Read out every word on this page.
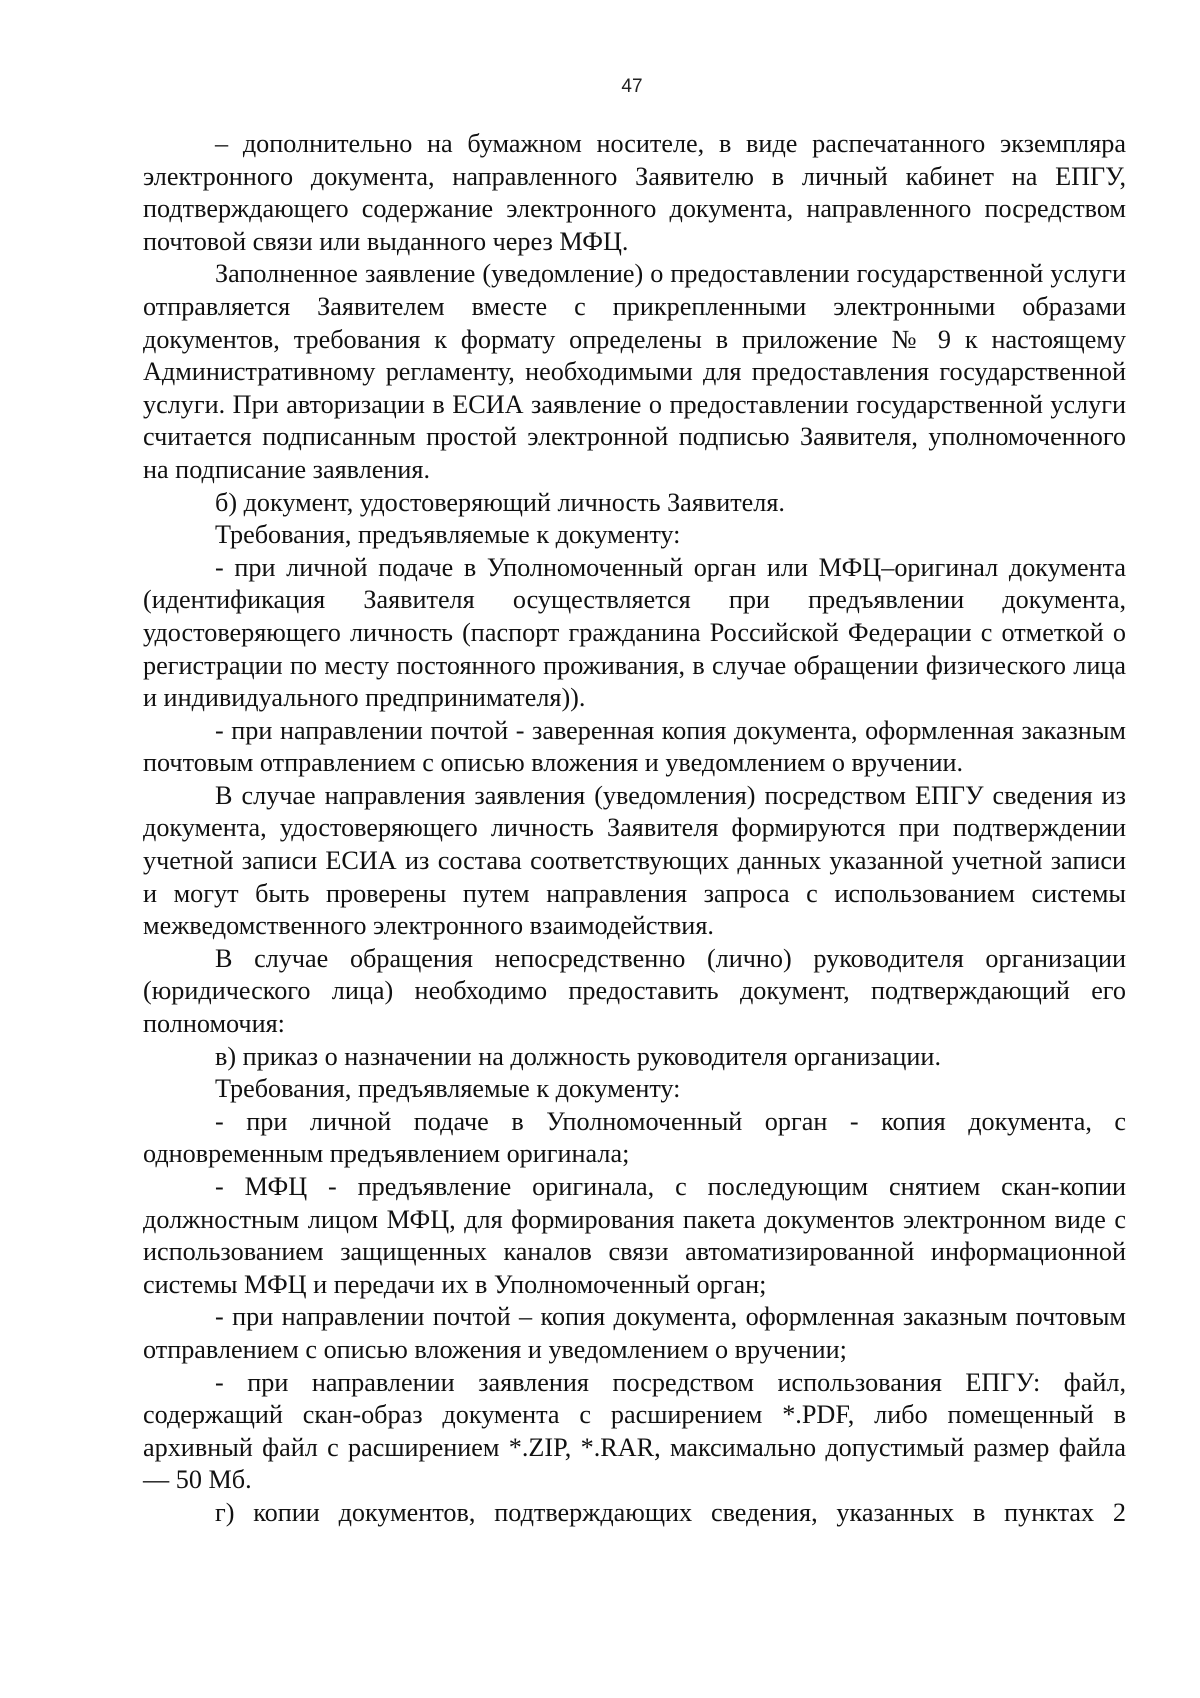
47

– дополнительно на бумажном носителе, в виде распечатанного экземпляра электронного документа, направленного Заявителю в личный кабинет на ЕПГУ, подтверждающего содержание электронного документа, направленного посредством почтовой связи или выданного через МФЦ.

Заполненное заявление (уведомление) о предоставлении государственной услуги отправляется Заявителем вместе с прикрепленными электронными образами документов, требования к формату определены в приложение № 9 к настоящему Административному регламенту, необходимыми для предоставления государственной услуги. При авторизации в ЕСИА заявление о предоставлении государственной услуги считается подписанным простой электронной подписью Заявителя, уполномоченного на подписание заявления.

б) документ, удостоверяющий личность Заявителя.

Требования, предъявляемые к документу:

- при личной подаче в Уполномоченный орган или МФЦ–оригинал документа (идентификация Заявителя осуществляется при предъявлении документа, удостоверяющего личность (паспорт гражданина Российской Федерации с отметкой о регистрации по месту постоянного проживания, в случае обращении физического лица и индивидуального предпринимателя)).

- при направлении почтой - заверенная копия документа, оформленная заказным почтовым отправлением с описью вложения и уведомлением о вручении.

В случае направления заявления (уведомления) посредством ЕПГУ сведения из документа, удостоверяющего личность Заявителя формируются при подтверждении учетной записи ЕСИА из состава соответствующих данных указанной учетной записи и могут быть проверены путем направления запроса с использованием системы межведомственного электронного взаимодействия.

В случае обращения непосредственно (лично) руководителя организации (юридического лица) необходимо предоставить документ, подтверждающий его полномочия:

в) приказ о назначении на должность руководителя организации.

Требования, предъявляемые к документу:

- при личной подаче в Уполномоченный орган - копия документа, с одновременным предъявлением оригинала;

- МФЦ - предъявление оригинала, с последующим снятием скан-копии должностным лицом МФЦ, для формирования пакета документов электронном виде с использованием защищенных каналов связи автоматизированной информационной системы МФЦ и передачи их в Уполномоченный орган;

- при направлении почтой – копия документа, оформленная заказным почтовым отправлением с описью вложения и уведомлением о вручении;

- при направлении заявления посредством использования ЕПГУ: файл, содержащий скан-образ документа с расширением *.PDF, либо помещенный в архивный файл с расширением *.ZIP, *.RAR, максимально допустимый размер файла — 50 Мб.

г) копии документов, подтверждающих сведения, указанных в пунктах 2
